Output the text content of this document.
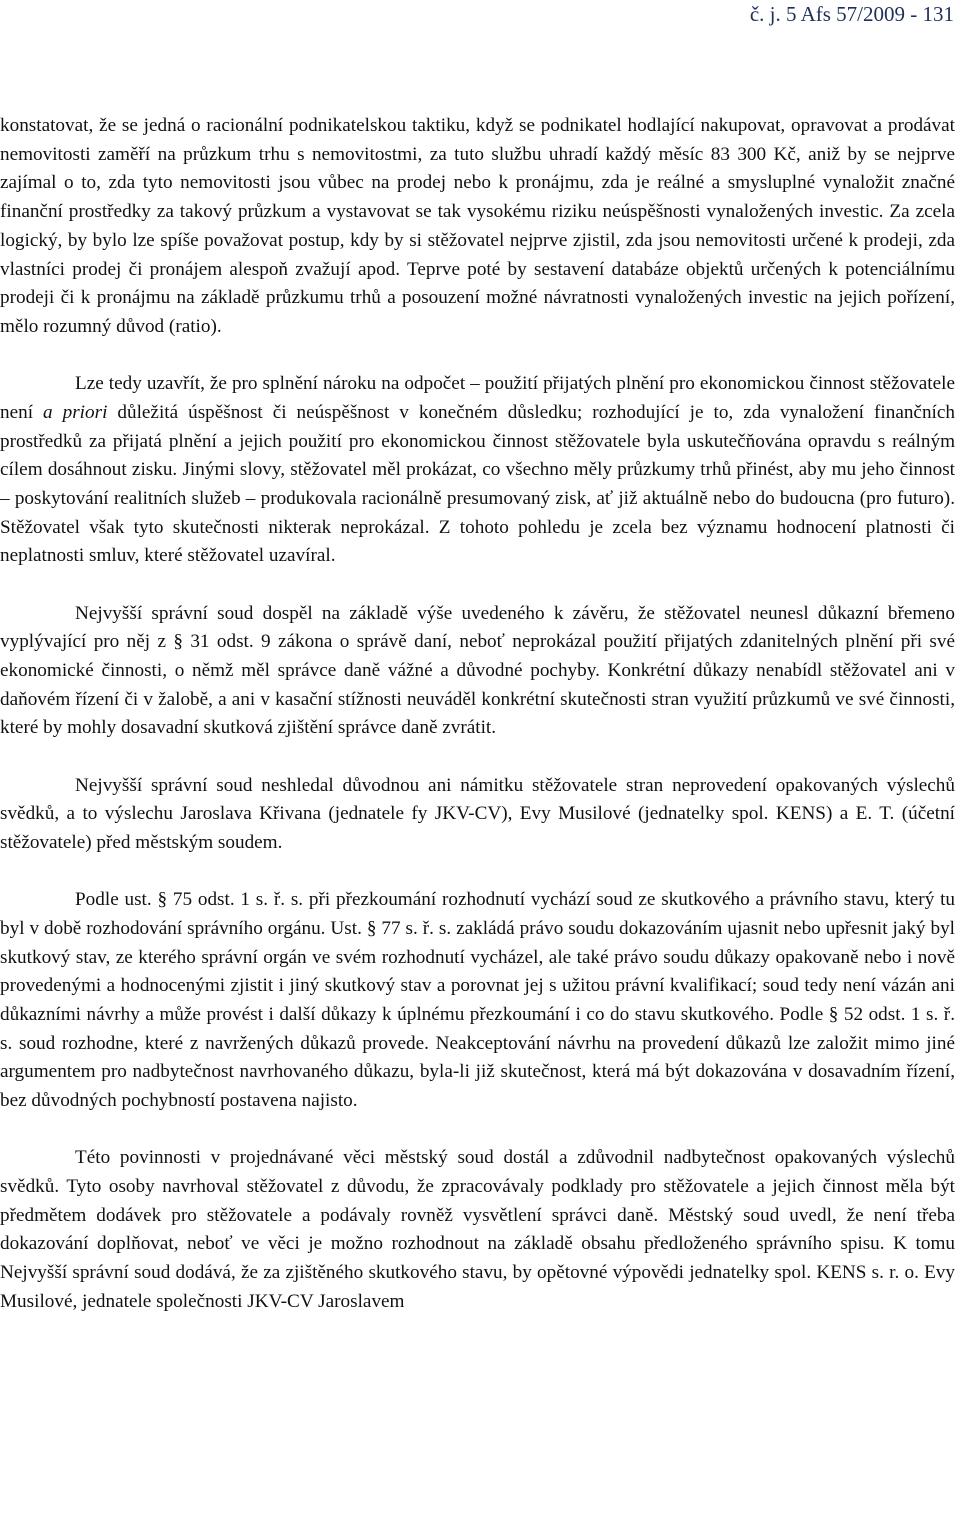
č. j. 5 Afs 57/2009 - 131

konstatovat, že se jedná o racionální podnikatelskou taktiku, když se podnikatel hodlající nakupovat, opravovat a prodávat nemovitosti zaměří na průzkum trhu s nemovitostmi, za tuto službu uhradí každý měsíc 83 300 Kč, aniž by se nejprve zajímal o to, zda tyto nemovitosti jsou vůbec na prodej nebo k pronájmu, zda je reálné a smysluplné vynaložit značné finanční prostředky za takový průzkum a vystavovat se tak vysokému riziku neúspěšnosti vynaložených investic. Za zcela logický, by bylo lze spíše považovat postup, kdy by si stěžovatel nejprve zjistil, zda jsou nemovitosti určené k prodeji, zda vlastníci prodej či pronájem alespoň zvažují apod. Teprve poté by sestavení databáze objektů určených k potenciálnímu prodeji či k pronájmu na základě průzkumu trhů a posouzení možné návratnosti vynaložených investic na jejich pořízení, mělo rozumný důvod (ratio).

Lze tedy uzavřít, že pro splnění nároku na odpočet – použití přijatých plnění pro ekonomickou činnost stěžovatele není a priori důležitá úspěšnost či neúspěšnost v konečném důsledku; rozhodující je to, zda vynaložení finančních prostředků za přijatá plnění a jejich použití pro ekonomickou činnost stěžovatele byla uskutečňována opravdu s reálným cílem dosáhnout zisku. Jinými slovy, stěžovatel měl prokázat, co všechno měly průzkumy trhů přinést, aby mu jeho činnost – poskytování realitních služeb – produkovala racionálně presumovaný zisk, ať již aktuálně nebo do budoucna (pro futuro). Stěžovatel však tyto skutečnosti nikterak neprokázal. Z tohoto pohledu je zcela bez významu hodnocení platnosti či neplatnosti smluv, které stěžovatel uzavíral.

Nejvyšší správní soud dospěl na základě výše uvedeného k závěru, že stěžovatel neunesl důkazní břemeno vyplývající pro něj z § 31 odst. 9 zákona o správě daní, neboť neprokázal použití přijatých zdanitelných plnění při své ekonomické činnosti, o němž měl správce daně vážné a důvodné pochyby. Konkrétní důkazy nenabídl stěžovatel ani v daňovém řízení či v žalobě, a ani v kasační stížnosti neuváděl konkrétní skutečnosti stran využití průzkumů ve své činnosti, které by mohly dosavadní skutková zjištění správce daně zvrátit.

Nejvyšší správní soud neshledal důvodnou ani námitku stěžovatele stran neprovedení opakovaných výslechů svědků, a to výslechu Jaroslava Křivana (jednatele fy JKV-CV), Evy Musilové (jednatelky spol. KENS) a E. T. (účetní stěžovatele) před městským soudem.

Podle ust. § 75 odst. 1 s. ř. s. při přezkoumání rozhodnutí vychází soud ze skutkového a právního stavu, který tu byl v době rozhodování správního orgánu. Ust. § 77 s. ř. s. zakládá právo soudu dokazováním ujasnit nebo upřesnit jaký byl skutkový stav, ze kterého správní orgán ve svém rozhodnutí vycházel, ale také právo soudu důkazy opakovaně nebo i nově provedenými a hodnocenými zjistit i jiný skutkový stav a porovnat jej s užitou právní kvalifikací; soud tedy není vázán ani důkazními návrhy a může provést i další důkazy k úplnému přezkoumání i co do stavu skutkového. Podle § 52 odst. 1 s. ř. s. soud rozhodne, které z navržených důkazů provede. Neakceptování návrhu na provedení důkazů lze založit mimo jiné argumentem pro nadbytečnost navrhovaného důkazu, byla-li již skutečnost, která má být dokazována v dosavadním řízení, bez důvodných pochybností postavena najisto.

Této povinnosti v projednávané věci městský soud dostál a zdůvodnil nadbytečnost opakovaných výslechů svědků. Tyto osoby navrhoval stěžovatel z důvodu, že zpracovávaly podklady pro stěžovatele a jejich činnost měla být předmětem dodávek pro stěžovatele a podávaly rovněž vysvětlení správci daně. Městský soud uvedl, že není třeba dokazování doplňovat, neboť ve věci je možno rozhodnout na základě obsahu předloženého správního spisu. K tomu Nejvyšší správní soud dodává, že za zjištěného skutkového stavu, by opětovné výpovědi jednatelky spol. KENS s. r. o. Evy Musilové, jednatele společnosti JKV-CV Jaroslavem
